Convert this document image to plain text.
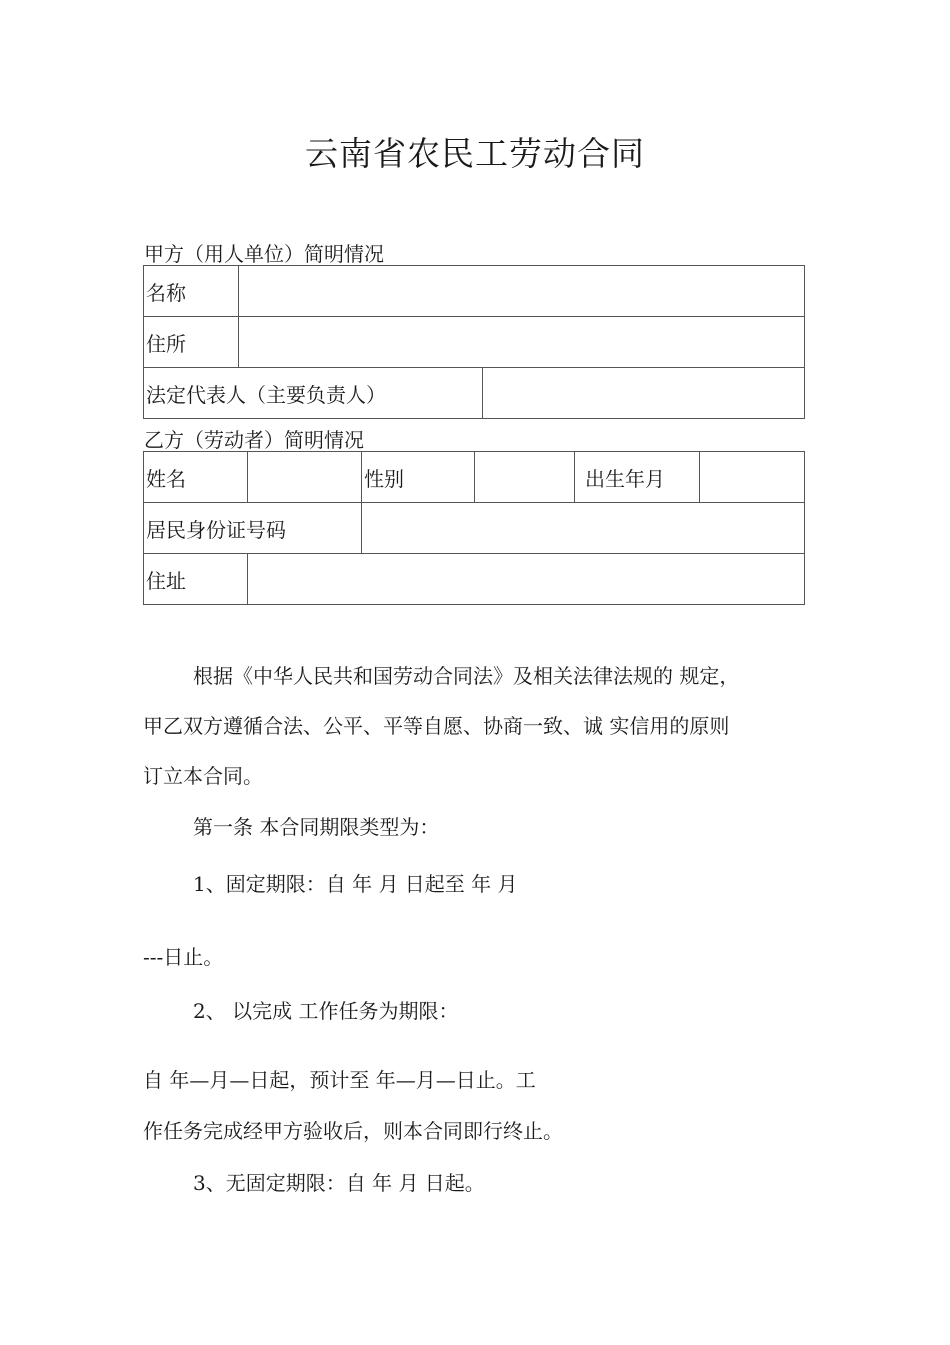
云南省农民工劳动合同
甲方（用人单位）简明情况
名称		
住所		
法定代表人（主要负责人）		
乙方（劳动者）简明情况
姓名		性别		出生年月	
居民身份证号码					
住址					
根据《中华人民共和国劳动合同法》及相关法律法规的 规定，
甲乙双方遵循合法、公平、平等自愿、协商一致、诚 实信用的原则
订立本合同。
第一条 本合同期限类型为：
1、固定期限：自 年 月 日起至 年 月
---日止。
2、 以完成 工作任务为期限：
自 年—月—日起，预计至 年—月—日止。工
作任务完成经甲方验收后，则本合同即行终止。
3、无固定期限：自 年 月 日起。
